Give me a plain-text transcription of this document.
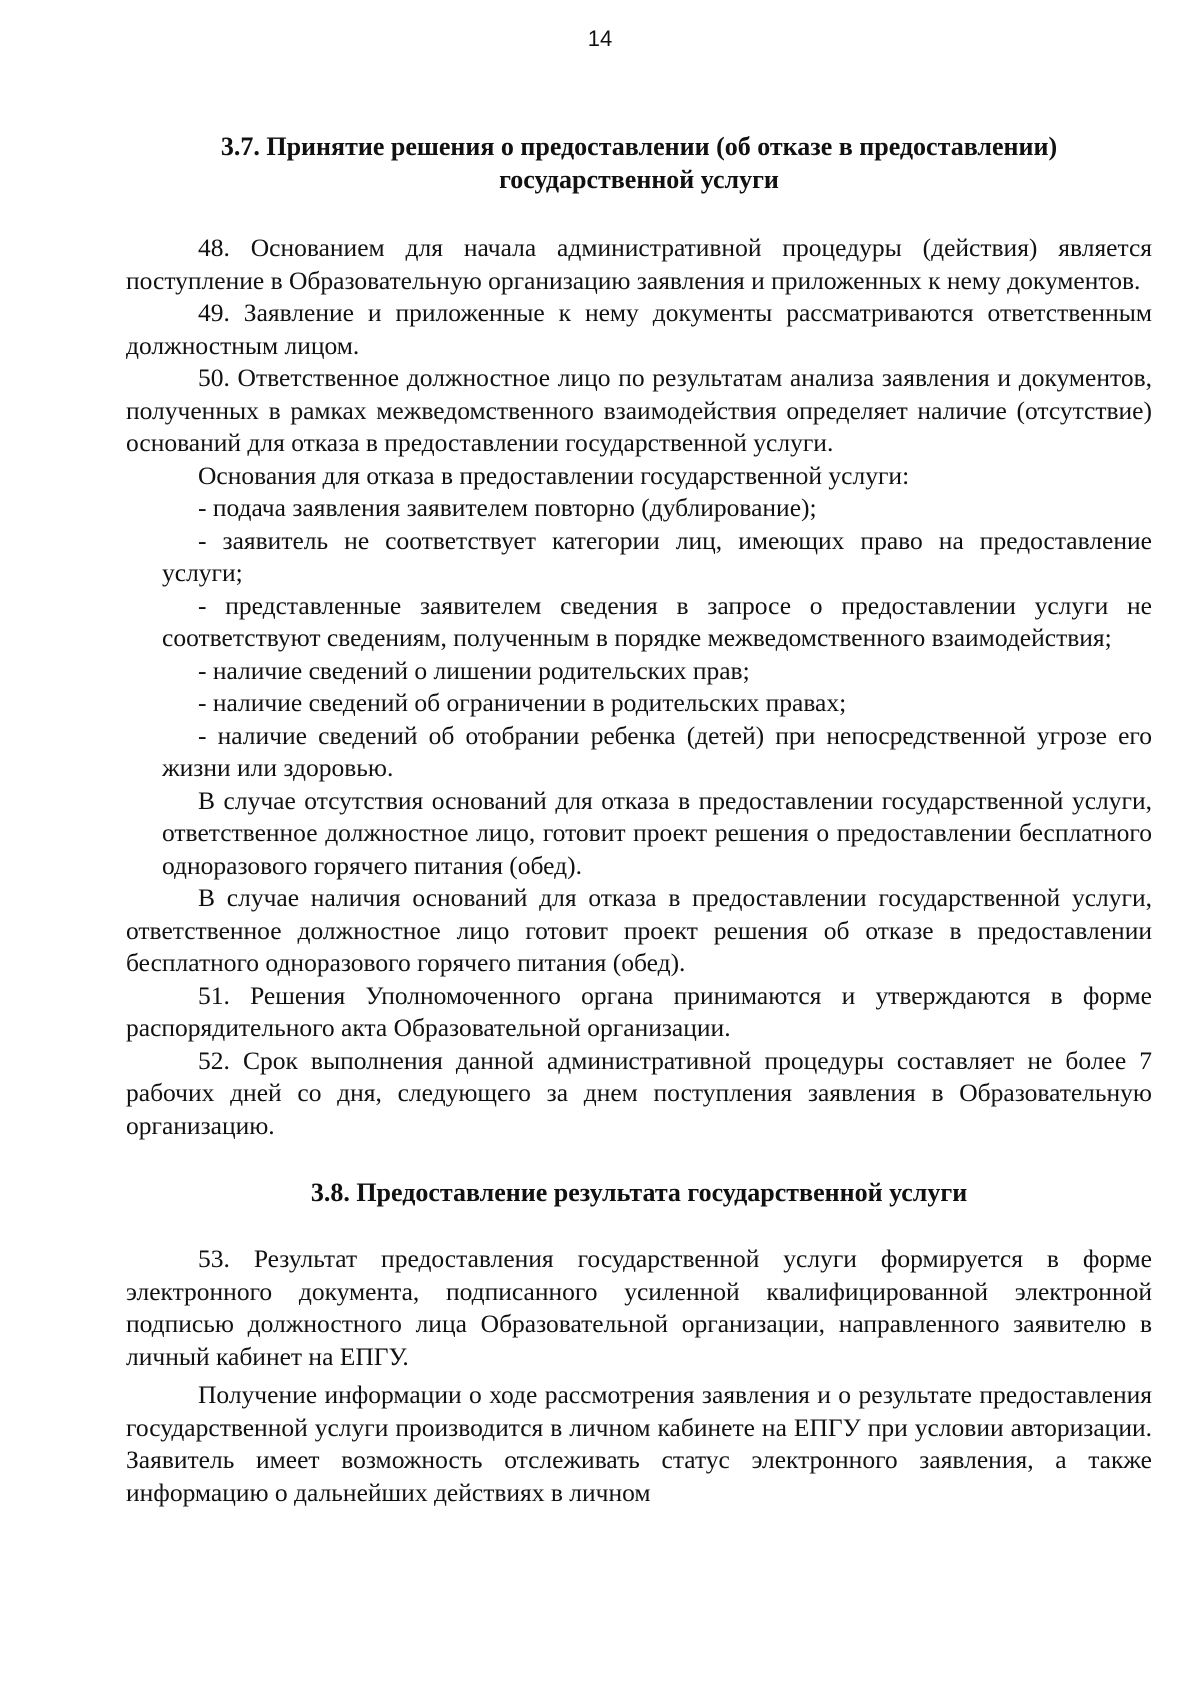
14
3.7. Принятие решения о предоставлении (об отказе в предоставлении)
государственной услуги

48. Основанием для начала административной процедуры (действия) является поступление в Образовательную организацию заявления и приложенных к нему документов.

49. Заявление и приложенные к нему документы рассматриваются ответственным должностным лицом.

50. Ответственное должностное лицо по результатам анализа заявления и документов, полученных в рамках межведомственного взаимодействия определяет наличие (отсутствие) оснований для отказа в предоставлении государственной услуги.

Основания для отказа в предоставлении государственной услуги:

- подача заявления заявителем повторно (дублирование);

- заявитель не соответствует категории лиц, имеющих право на предоставление услуги;

- представленные заявителем сведения в запросе о предоставлении услуги не соответствуют сведениям, полученным в порядке межведомственного взаимодействия;

- наличие сведений о лишении родительских прав;

- наличие сведений об ограничении в родительских правах;

- наличие сведений об отобрании ребенка (детей) при непосредственной угрозе его жизни или здоровью.

В случае отсутствия оснований для отказа в предоставлении государственной услуги, ответственное должностное лицо, готовит проект решения о предоставлении бесплатного одноразового горячего питания (обед).

В случае наличия оснований для отказа в предоставлении государственной услуги, ответственное должностное лицо готовит проект решения об отказе в предоставлении бесплатного одноразового горячего питания (обед).

51. Решения Уполномоченного органа принимаются и утверждаются в форме распорядительного акта Образовательной организации.

52. Срок выполнения данной административной процедуры составляет не более 7 рабочих дней со дня, следующего за днем поступления заявления в Образовательную организацию.

3.8. Предоставление результата государственной услуги

53. Результат предоставления государственной услуги формируется в форме электронного документа, подписанного усиленной квалифицированной электронной подписью должностного лица Образовательной организации, направленного заявителю в личный кабинет на ЕПГУ.

Получение информации о ходе рассмотрения заявления и о результате предоставления государственной услуги производится в личном кабинете на ЕПГУ при условии авторизации. Заявитель имеет возможность отслеживать статус электронного заявления, а также информацию о дальнейших действиях в личном
